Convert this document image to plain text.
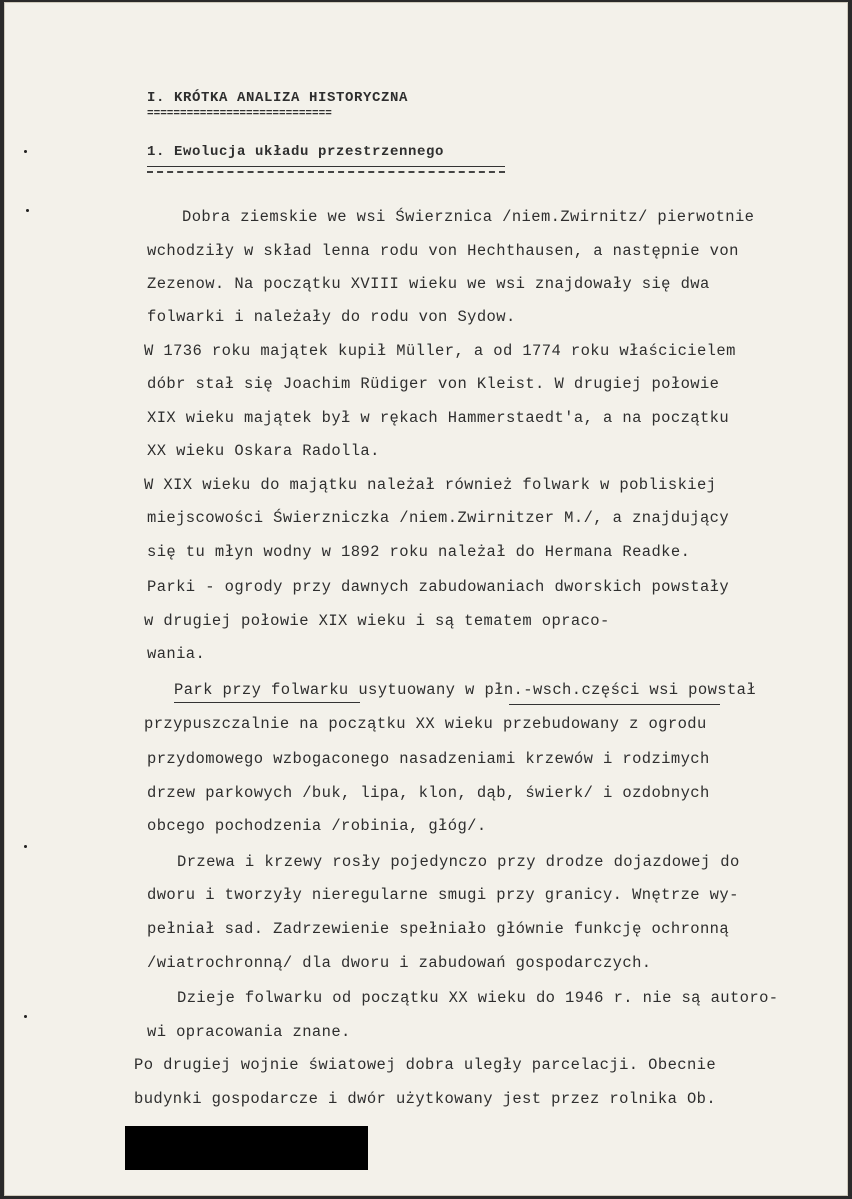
I. KRÓTKA ANALIZA HISTORYCZNA
============================
1. Ewolucja układu przestrzennego
Dobra ziemskie we wsi Świerznica /niem.Zwirnitz/ pierwotnie
wchodziły w skład lenna rodu von Hechthausen, a następnie von
Zezenow. Na początku XVIII wieku we wsi znajdowały się dwa
folwarki i należały do rodu von Sydow.
W 1736 roku majątek kupił Müller, a od 1774 roku właścicielem
dóbr stał się Joachim Rüdiger von Kleist. W drugiej połowie
XIX wieku majątek był w rękach Hammerstaedt'a, a na początku
XX wieku Oskara Radolla.
W XIX wieku do majątku należał również folwark w pobliskiej
miejscowości Świerzniczka /niem.Zwirnitzer M./, a znajdujący
się tu młyn wodny w 1892 roku należał do Hermana Readke.
Parki - ogrody przy dawnych zabudowaniach dworskich powstały
w drugiej połowie XIX wieku i są tematem opraco-
wania.
Park przy folwarku usytuowany w płn.-wsch.części wsi powstał
przypuszczalnie na początku XX wieku przebudowany z ogrodu
przydomowego wzbogaconego nasadzeniami krzewów i rodzimych
drzew parkowych /buk, lipa, klon, dąb, świerk/ i ozdobnych
obcego pochodzenia /robinia, głóg/.
Drzewa i krzewy rosły pojedynczo przy drodze dojazdowej do
dworu i tworzyły nieregularne smugi przy granicy. Wnętrze wy-
pełniał sad. Zadrzewienie spełniało głównie funkcję ochronną
/wiatrochronną/ dla dworu i zabudowań gospodarczych.
Dzieje folwarku od początku XX wieku do 1946 r. nie są autoro-
wi opracowania znane.
Po drugiej wojnie światowej dobra uległy parcelacji. Obecnie
budynki gospodarcze i dwór użytkowany jest przez rolnika Ob.
